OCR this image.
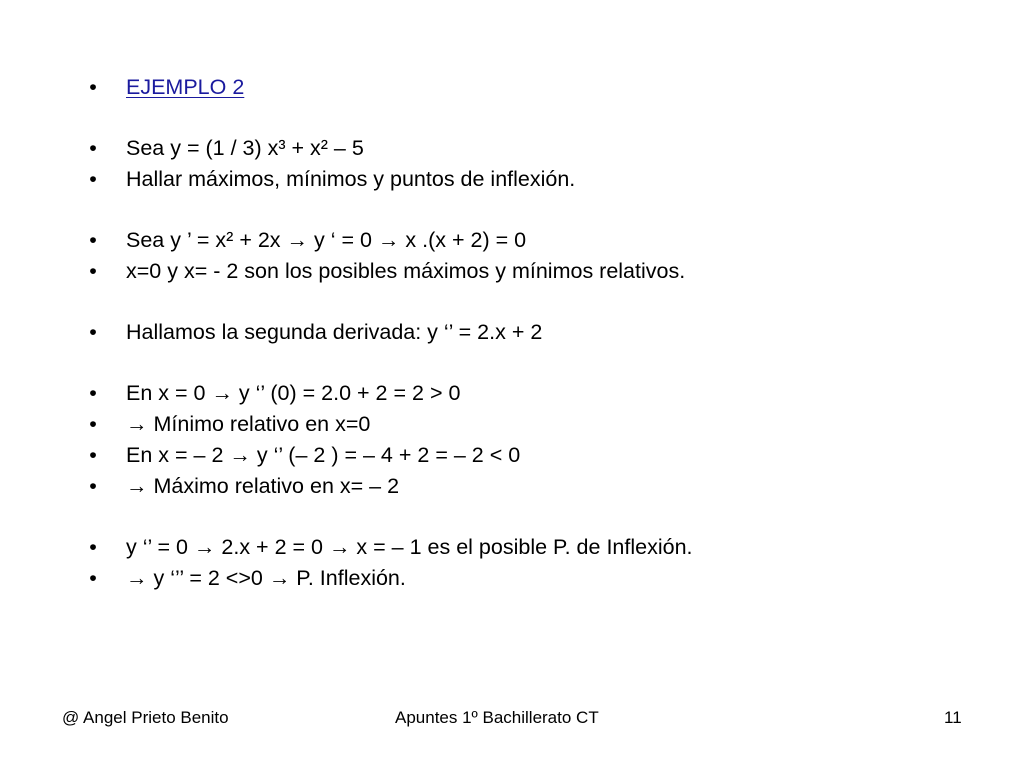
• EJEMPLO 2
• Sea y = (1 / 3) x³ + x² – 5
• Hallar máximos, mínimos y puntos de inflexión.
• Sea y ’ = x² + 2x → y ‘ = 0 → x .(x + 2) = 0
• x=0 y x= - 2 son los posibles máximos y mínimos relativos.
• Hallamos la segunda derivada: y ‘’ = 2.x + 2
• En x = 0 → y ‘’ (0) = 2.0 + 2 = 2 > 0
• → Mínimo relativo en x=0
• En x = – 2 → y ‘’ (– 2 ) = – 4 + 2 = – 2 < 0
• → Máximo relativo en x= – 2
• y ‘’ = 0 → 2.x + 2 = 0 → x = – 1 es el posible P. de Inflexión.
• → y ‘’’ = 2 <>0 → P. Inflexión.
@ Angel Prieto Benito	Apuntes 1º Bachillerato CT	11
